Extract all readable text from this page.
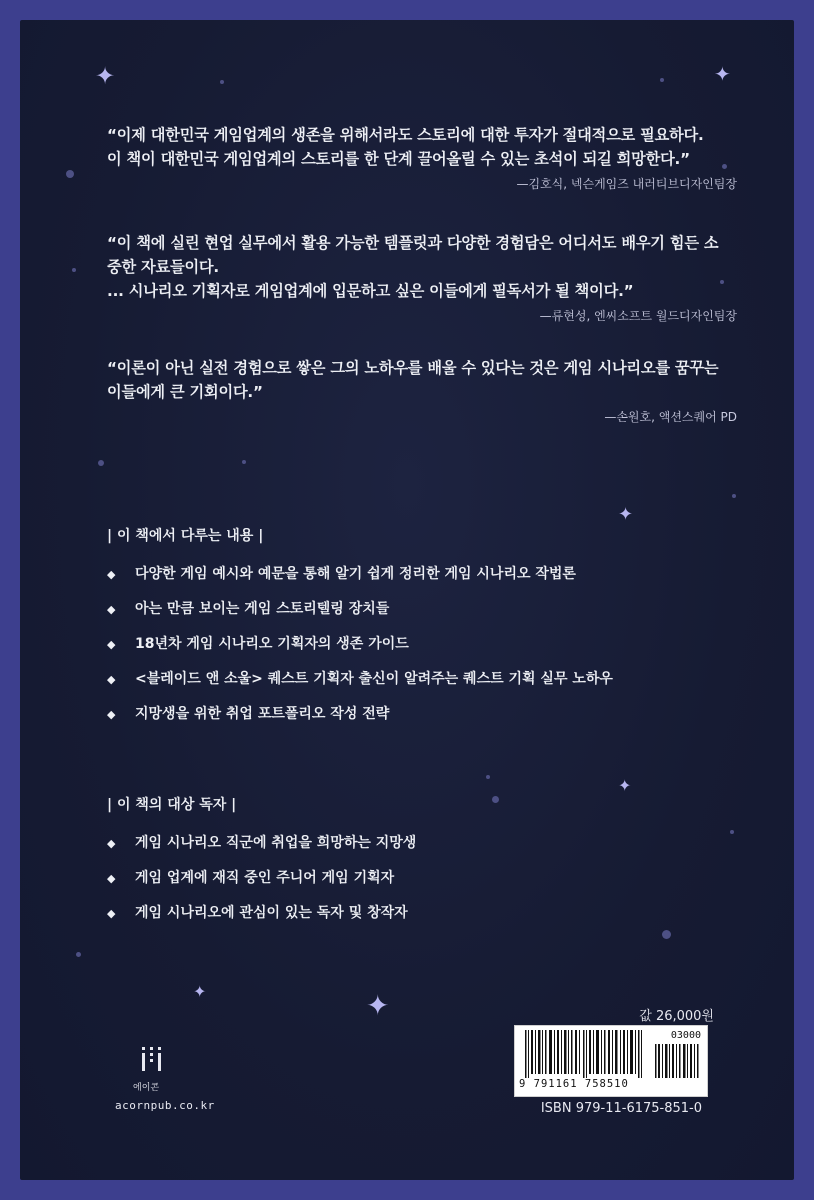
✦	✦
✦
✦
✦	✦

“이제 대한민국 게임업계의 생존을 위해서라도 스토리에 대한 투자가 절대적으로 필요하다.

이 책이 대한민국 게임업계의 스토리를 한 단계 끌어올릴 수 있는 초석이 되길 희망한다.”

—김호식, 넥슨게임즈 내러티브디자인팀장

“이 책에 실린 현업 실무에서 활용 가능한 템플릿과 다양한 경험담은 어디서도 배우기 힘든 소

중한 자료들이다.

... 시나리오 기획자로 게임업계에 입문하고 싶은 이들에게 필독서가 될 책이다.”

—류현성, 엔씨소프트 월드디자인팀장

“이론이 아닌 실전 경험으로 쌓은 그의 노하우를 배울 수 있다는 것은 게임 시나리오를 꿈꾸는

이들에게 큰 기회이다.”

—손원호, 액션스퀘어 PD
| 이 책에서 다루는 내용 |
◆ 다양한 게임 예시와 예문을 통해 알기 쉽게 정리한 게임 시나리오 작법론
◆ 아는 만큼 보이는 게임 스토리텔링 장치들
◆ 18년차 게임 시나리오 기획자의 생존 가이드
◆ <블레이드 앤 소울> 퀘스트 기획자 출신이 알려주는 퀘스트 기획 실무 노하우
◆ 지망생을 위한 취업 포트폴리오 작성 전략
| 이 책의 대상 독자 |
◆ 게임 시나리오 직군에 취업을 희망하는 지망생
◆ 게임 업계에 재직 중인 주니어 게임 기획자
◆ 게임 시나리오에 관심이 있는 독자 및 창작자
에이콘
acornpub.co.kr
값 26,000원
03000
9 791161 758510
ISBN 979-11-6175-851-0
